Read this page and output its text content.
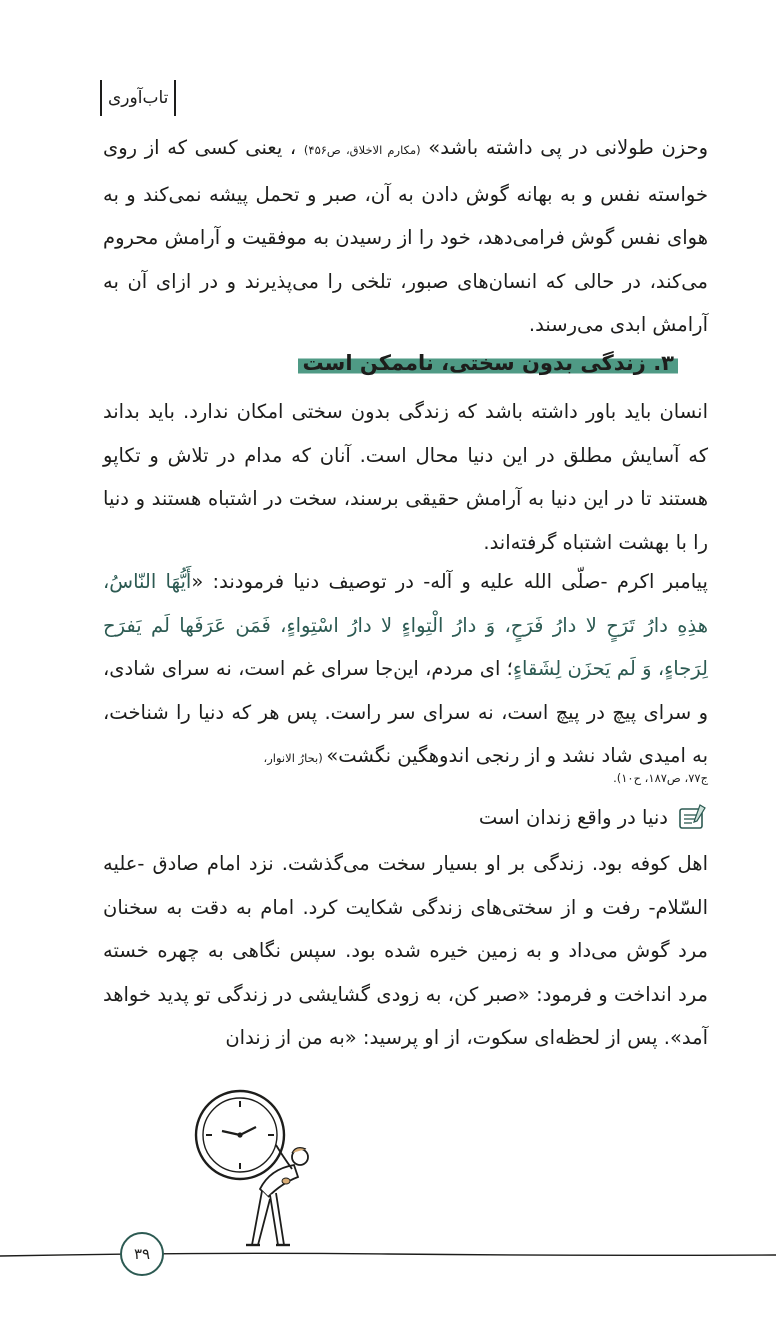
تاب‌آوری

وحزن طولانی در پی داشته باشد» (مکارم الاخلاق، ص۴۵۶) ، یعنی کسی که از روی خواسته نفس و به بهانه گوش دادن به آن، صبر و تحمل پیشه نمی‌کند و به هوای نفس گوش فرامی‌دهد، خود را از رسیدن به موفقیت و آرامش محروم می‌کند، در حالی که انسان‌های صبور، تلخی را می‌پذیرند و در ازای آن به آرامش ابدی می‌رسند.

۳. زندگی بدون سختی، ناممکن است

انسان باید باور داشته باشد که زندگی بدون سختی امکان ندارد. باید بداند که آسایش مطلق در این دنیا محال است. آنان که مدام در تلاش و تکاپو هستند تا در این دنیا به آرامش حقیقی برسند، سخت در اشتباه هستند و دنیا را با بهشت اشتباه گرفته‌اند.

پیامبر اکرم -صلّی الله علیه و آله- در توصیف دنیا فرمودند: «أَیُّهَا النّاسُ، هذِهِ دارُ تَرَحٍ لا دارُ فَرَحٍ، وَ دارُ الْتِواءٍ لا دارُ اسْتِواءٍ، فَمَن عَرَفَها لَم یَفرَح لِرَجاءٍ، وَ لَم یَحزَن لِشَقاءٍ؛ ای مردم، این‌جا سرای غم است، نه سرای شادی، و سرای پیچ در پیچ است، نه سرای سر راست. پس هر که دنیا را شناخت، به امیدی شاد نشد و از رنجی اندوهگین نگشت» (بحارُ الانوار،

ج۷۷، ص۱۸۷، ح۱۰).
دنیا در واقع زندان است

اهل کوفه بود. زندگی بر او بسیار سخت می‌گذشت. نزد امام صادق -علیه السّلام- رفت و از سختی‌های زندگی شکایت کرد. امام به دقت به سخنان مرد گوش می‌داد و به زمین خیره شده بود. سپس نگاهی به چهره خسته مرد انداخت و فرمود: «صبر کن، به زودی گشایشی در زندگی تو پدید خواهد آمد». پس از لحظه‌ای سکوت، از او پرسید: «به من از زندان

۳۹
